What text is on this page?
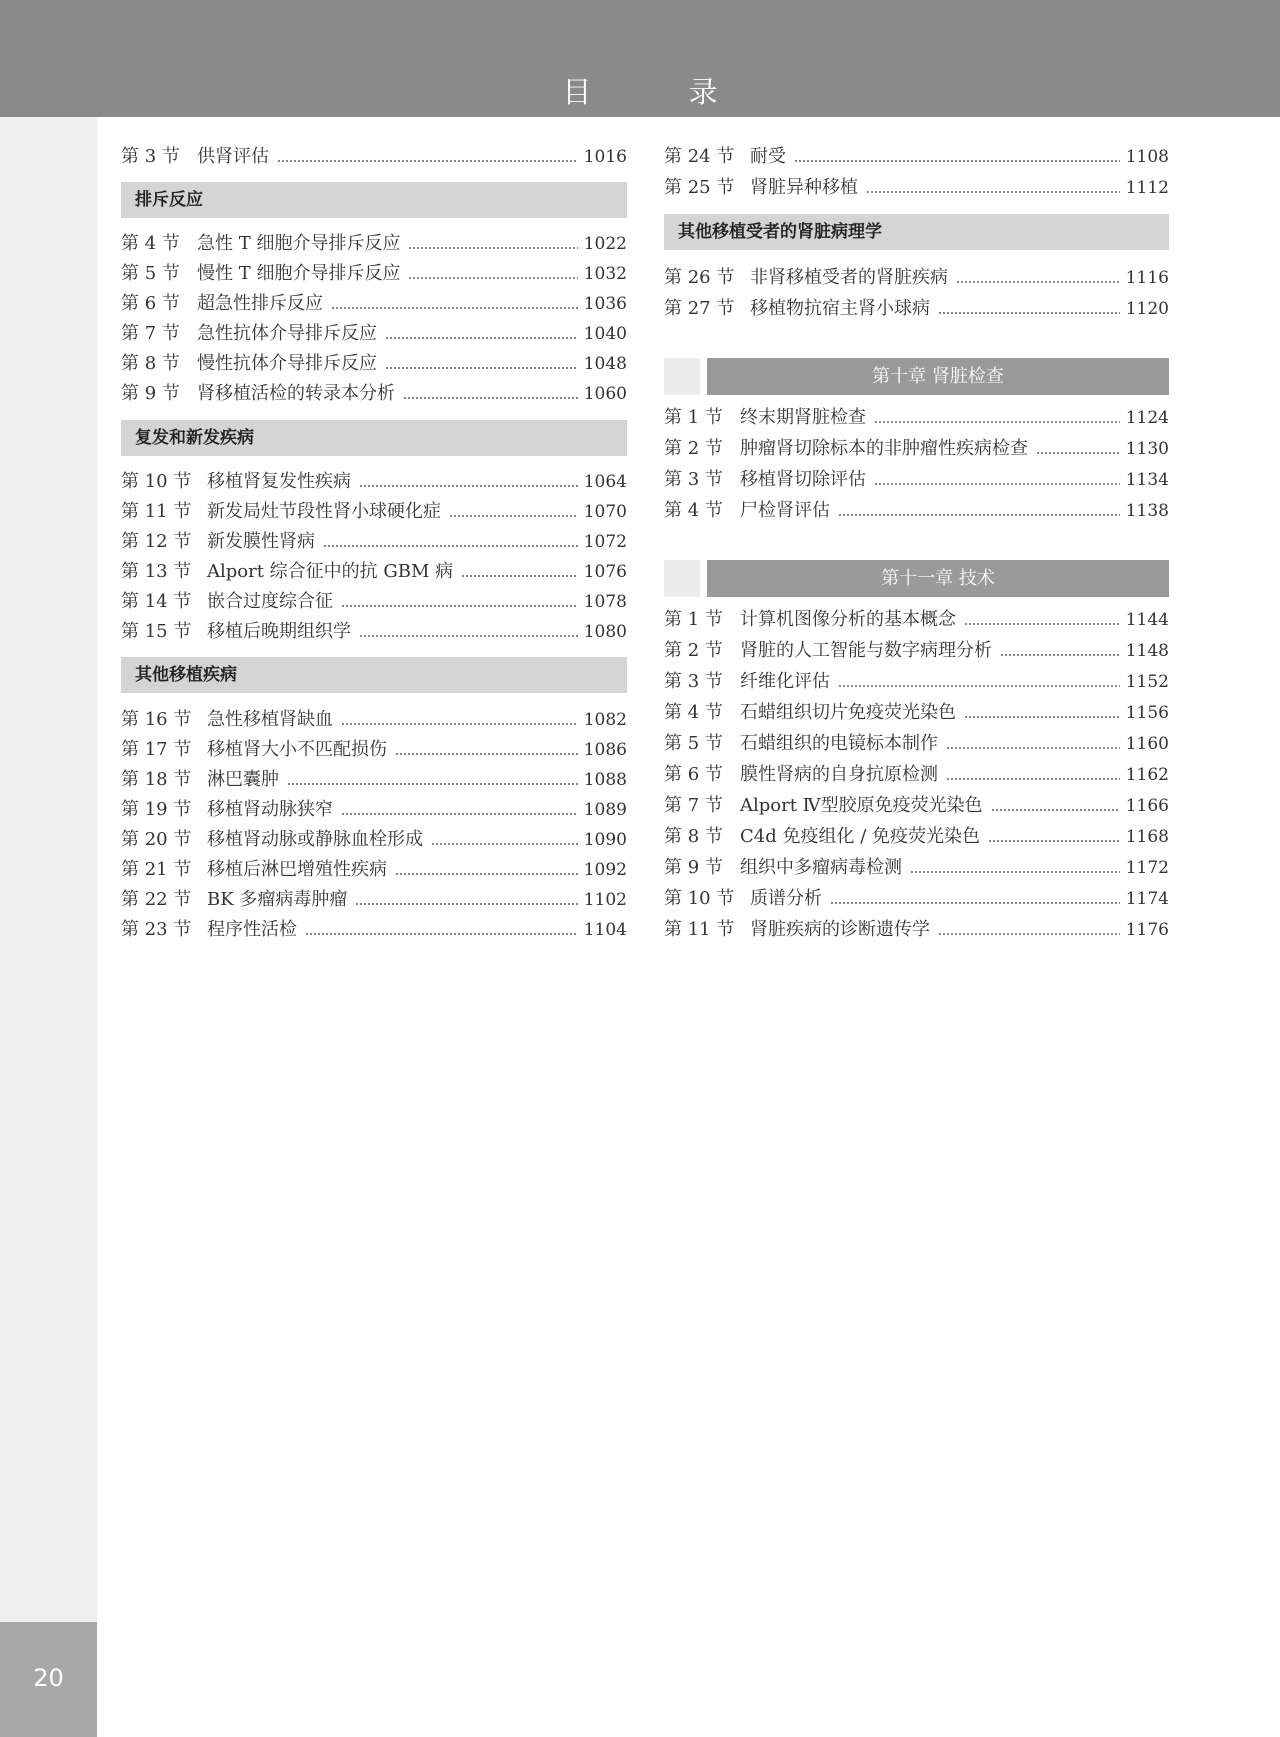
目 录
20
第 3 节 供肾评估	1016
排斥反应
第 4 节 急性 T 细胞介导排斥反应	1022
第 5 节 慢性 T 细胞介导排斥反应	1032
第 6 节 超急性排斥反应	1036
第 7 节 急性抗体介导排斥反应	1040
第 8 节 慢性抗体介导排斥反应	1048
第 9 节 肾移植活检的转录本分析	1060
复发和新发疾病
第 10 节 移植肾复发性疾病	1064
第 11 节 新发局灶节段性肾小球硬化症	1070
第 12 节 新发膜性肾病	1072
第 13 节 Alport 综合征中的抗 GBM 病	1076
第 14 节 嵌合过度综合征	1078
第 15 节 移植后晚期组织学	1080
其他移植疾病
第 16 节 急性移植肾缺血	1082
第 17 节 移植肾大小不匹配损伤	1086
第 18 节 淋巴囊肿	1088
第 19 节 移植肾动脉狭窄	1089
第 20 节 移植肾动脉或静脉血栓形成	1090
第 21 节 移植后淋巴增殖性疾病	1092
第 22 节 BK 多瘤病毒肿瘤	1102
第 23 节 程序性活检	1104
第 24 节 耐受	1108
第 25 节 肾脏异种移植	1112
其他移植受者的肾脏病理学
第 26 节 非肾移植受者的肾脏疾病	1116
第 27 节 移植物抗宿主肾小球病	1120
第十章 肾脏检查
第 1 节 终末期肾脏检查	1124
第 2 节 肿瘤肾切除标本的非肿瘤性疾病检查	1130
第 3 节 移植肾切除评估	1134
第 4 节 尸检肾评估	1138
第十一章 技术
第 1 节 计算机图像分析的基本概念	1144
第 2 节 肾脏的人工智能与数字病理分析	1148
第 3 节 纤维化评估	1152
第 4 节 石蜡组织切片免疫荧光染色	1156
第 5 节 石蜡组织的电镜标本制作	1160
第 6 节 膜性肾病的自身抗原检测	1162
第 7 节 Alport Ⅳ型胶原免疫荧光染色	1166
第 8 节 C4d 免疫组化 / 免疫荧光染色	1168
第 9 节 组织中多瘤病毒检测	1172
第 10 节 质谱分析	1174
第 11 节 肾脏疾病的诊断遗传学	1176
